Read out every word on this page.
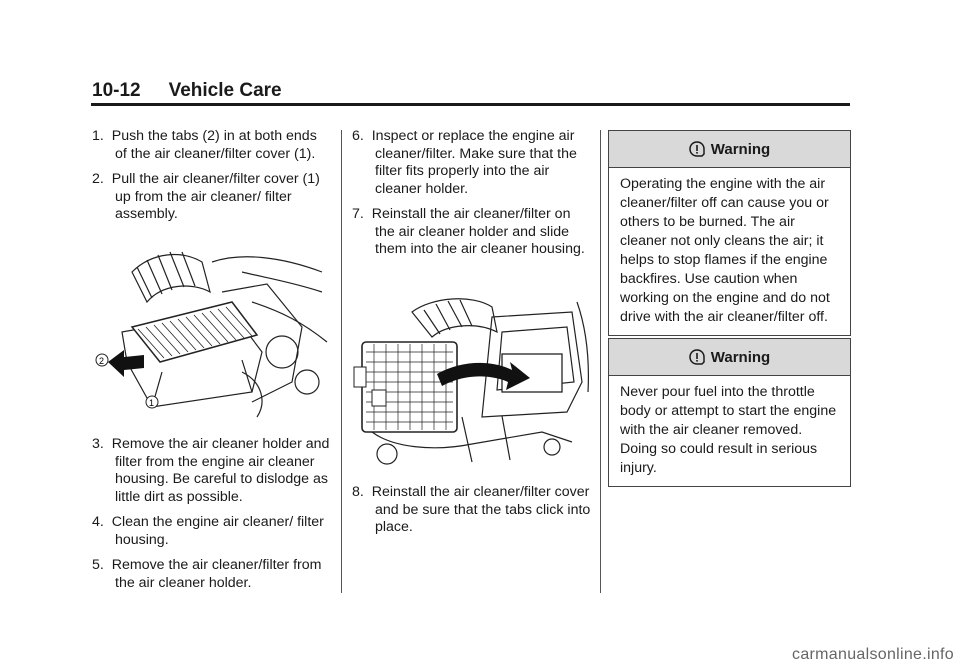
10-12 Vehicle Care

1. Push the tabs (2) in at both ends of the air cleaner/filter cover (1).

2. Pull the air cleaner/filter cover (1) up from the air cleaner/ filter assembly.

2
1

3. Remove the air cleaner holder and filter from the engine air cleaner housing. Be careful to dislodge as little dirt as possible.

4. Clean the engine air cleaner/ filter housing.

5. Remove the air cleaner/filter from the air cleaner holder.

6. Inspect or replace the engine air cleaner/filter. Make sure that the filter fits properly into the air cleaner holder.

7. Reinstall the air cleaner/filter on the air cleaner holder and slide them into the air cleaner housing.

8. Reinstall the air cleaner/filter cover and be sure that the tabs click into place.

Warning
Operating the engine with the air cleaner/filter off can cause you or others to be burned. The air cleaner not only cleans the air; it helps to stop flames if the engine backfires. Use caution when working on the engine and do not drive with the air cleaner/filter off.
Warning
Never pour fuel into the throttle body or attempt to start the engine with the air cleaner removed. Doing so could result in serious injury.
carmanualsonline.info
